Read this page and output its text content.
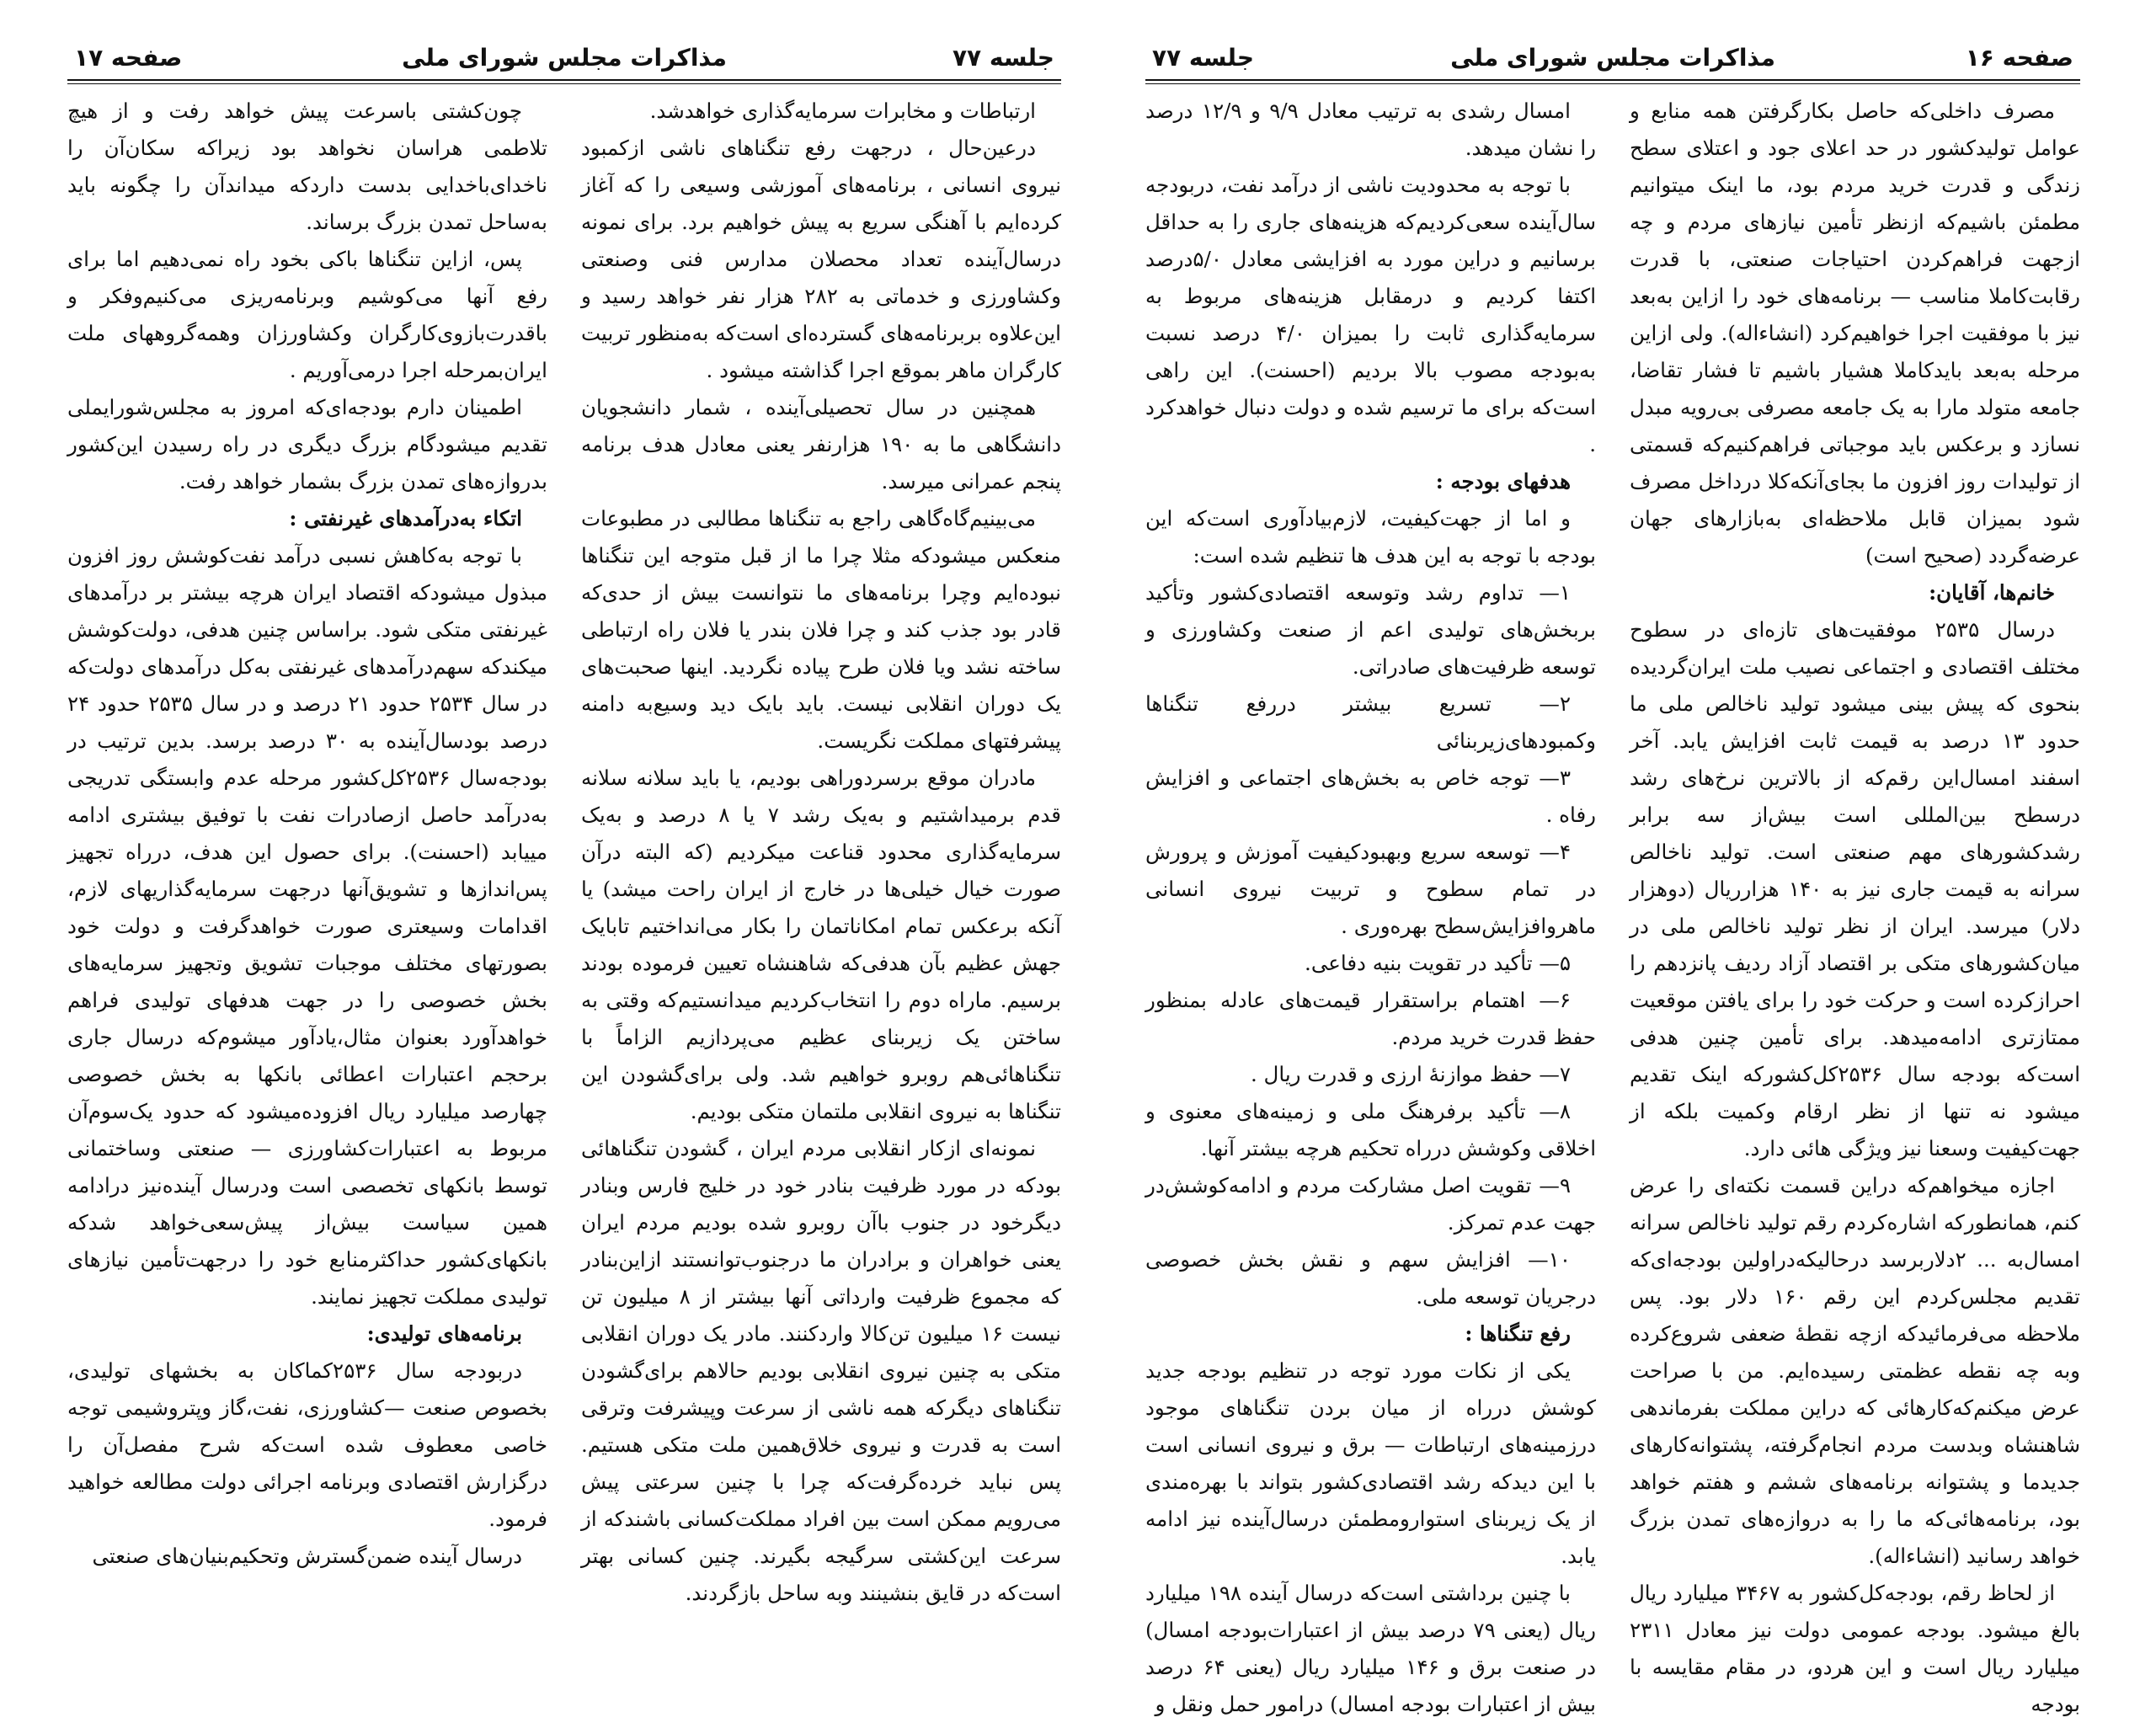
صفحه ۱۷	مذاکرات مجلس شورای ملی	جلسه ۷۷

ارتباطات و مخابرات سرمایه‌گذاری خواهدشد.

درعین‌حال ، درجهت رفع تنگناهای ناشی ازکمبود نیروی انسانی ، برنامه‌های آموزشی وسیعی را که آغاز کرده‌ایم با آهنگی سریع به پیش خواهیم برد. برای نمونه درسال‌آینده تعداد محصلان مدارس فنی وصنعتی وکشاورزی و خدماتی به ۲۸۲ هزار نفر خواهد رسید و این‌علاوه بربرنامه‌های گسترده‌ای است‌که به‌منظور تربیت کارگران ماهر بموقع اجرا گذاشته میشود .

همچنین در سال تحصیلی‌آینده ، شمار دانشجویان دانشگاهی ما به ۱۹۰ هزارنفر یعنی معادل هدف برنامه پنجم عمرانی میرسد.

می‌بینیم‌گاه‌گاهی راجع به تنگناها مطالبی در مطبوعات منعکس میشودکه مثلا چرا ما از قبل متوجه این تنگناها نبوده‌ایم وچرا برنامه‌های ما نتوانست بیش از حدی‌که قادر بود جذب کند و چرا فلان بندر یا فلان راه ارتباطی ساخته نشد ویا فلان طرح پیاده نگردید. اینها صحبت‌های یک دوران انقلابی نیست. باید بایک دید وسیع‌به دامنه پیشرفتهای مملکت نگریست.

ما‌دران موقع برسردوراهی بودیم، یا باید سلانه سلانه قدم برمیداشتیم و به‌یک رشد ۷ یا ۸ درصد و به‌یک سرمایه‌گذاری محدود قناعت میکردیم (که البته درآن صورت خیال خیلی‌ها در خارج از ایران راحت میشد) یا آنکه برعکس تمام امکاناتمان را بکار می‌انداختیم تابایک جهش عظیم بآن هدفی‌که شاهنشاه تعیین فرموده بودند برسیم. ماراه دوم را انتخاب‌کردیم میدانستیم‌که وقتی به ساختن یک زیربنای عظیم می‌پردازیم الزاماً با تنگناهائی‌هم روبرو خواهیم شد. ولی برای‌گشودن این تنگناها به نیروی انقلابی ملتمان متکی بودیم.

نمونه‌ای ازکار انقلابی مردم ایران ، گشودن تنگناهائی بودکه در مورد ظرفیت بنادر خود در خلیج فارس وبنادر دیگرخود در جنوب باآن روبرو شده بودیم مردم ایران یعنی خواهران و برادران ما درجنوب‌توانستند ازاین‌بنادر که مجموع ظرفیت وارداتی آنها بیشتر از ۸ میلیون تن نیست ۱۶ میلیون تن‌کالا واردکنند. مادر یک دوران انقلابی متکی به چنین نیروی انقلابی بودیم حالاهم برای‌گشودن تنگناهای دیگرکه همه ناشی از سرعت وپیشرفت وترقی است به قدرت و نیروی خلاق‌همین ملت متکی هستیم. پس نباید خرده‌گرفت‌که چرا با چنین سرعتی پیش می‌رویم ممکن است بین افراد مملکت‌کسانی باشندکه از سرعت این‌کشتی سرگیجه بگیرند. چنین کسانی بهتر است‌که در قایق بنشینند وبه ساحل بازگردند.

چون‌کشتی باسرعت پیش خواهد رفت و از هیچ تلاطمی هراسان نخواهد بود زیراکه سکان‌آن را ناخدای‌باخدایی بدست دارد‌که میداندآن را چگونه باید به‌ساحل تمدن بزرگ برساند.

پس، ازاین تنگناها باکی بخود راه نمی‌دهیم اما برای رفع آنها می‌کوشیم وبرنامه‌ریزی می‌کنیم‌وفکر و باقدرت‌بازوی‌کارگران وکشاورزان وهمه‌گروههای ملت ایران‌بمرحله اجرا درمی‌آوریم .

اطمینان دارم بودجه‌ای‌که امروز به مجلس‌شورایملی تقدیم میشودگام بزرگ دیگری در راه رسیدن این‌کشور بدروازه‌های تمدن بزرگ بشمار خواهد رفت.

اتکاء به‌درآمدهای غیرنفتی :

با توجه به‌کاهش نسبی درآمد نفت‌کوشش روز افزون مبذول میشودکه اقتصاد ایران هرچه بیشتر بر درآمدهای غیرنفتی متکی شود. براساس چنین هدفی، دولت‌کوشش میکندکه سهم‌درآمدهای غیرنفتی به‌کل درآمدهای دولت‌که در سال ۲۵۳۴ حدود ۲۱ درصد و در سال ۲۵۳۵ حدود ۲۴ درصد بودسال‌آینده به ۳۰ درصد برسد. بدین ترتیب در بودجه‌سال ۲۵۳۶کل‌کشور مرحله عدم وابستگی تدریجی به‌درآمد حاصل ازصادرات نفت با توفیق بیشتری ادامه مییابد (احسنت). برای حصول این هدف، درراه تجهیز پس‌اندازها و تشویق‌آنها درجهت سرمایه‌گذاریهای لازم، اقدامات وسیعتری صورت خواهدگرفت و دولت خود بصورتهای مختلف موجبات تشویق وتجهیز سرمایه‌های بخش خصوصی را در جهت هدفهای تولیدی فراهم خواهدآورد بعنوان مثال،یادآور میشوم‌که درسال جاری برحجم اعتبارات اعطائی بانکها به بخش خصوصی چهارصد میلیارد ریال افزوده‌میشود که حدود یک‌سوم‌آن مربوط به اعتبارات‌کشاورزی — صنعتی وساختمانی توسط بانکهای تخصصی است ودرسال آینده‌نیز درادامه همین سیاست بیش‌از پیش‌سعی‌خواهد شد‌که بانکهای‌کشور حدا‌کثرمنابع خود را درجهت‌تأمین نیازهای تولیدی مملکت تجهیز نمایند.

برنامه‌های تولیدی:

دربودجه سال ۲۵۳۶کما‌کان به بخشهای تولیدی، بخصوص صنعت —کشاورزی، نفت،گاز وپتروشیمی توجه خاصی معطوف شده است‌که شرح مفصل‌آن را درگزارش اقتصادی وبرنامه اجرائی دولت مطالعه خواهید فرمود.

درسال آینده ضمن‌گسترش وتحکیم‌بنیان‌های صنعتی

صفحه ۱۶
مذاکرات مجلس شورای ملی
جلسه ۷۷

مصرف داخلی‌که حاصل بکارگرفتن همه منابع و عوامل تولید‌کشور در حد اعلای جود و اعتلای سطح زندگی و قدرت خرید مردم بود، ما اینک میتوانیم مطمئن باشیم‌که ازنظر تأمین نیازهای مردم و چه ازجهت فراهم‌کردن احتیاجات صنعتی، با قدرت رقابت‌کاملا مناسب — برنامه‌های خود را ازاین به‌بعد نیز با موفقیت اجرا خواهیم‌کرد (انشاءاله). ولی ازاین مرحله به‌بعد باید‌کاملا هشیار باشیم تا فشار تقاضا، جامعه متولد مارا به یک جامعه مصرفی بی‌رویه مبدل نسازد و برعکس باید موجباتی فراهم‌کنیم‌که قسمتی از تولیدات روز افزون ما بجای‌آنکه‌کلا درداخل مصرف شود بمیزان قابل ملاحظه‌ای به‌بازارهای جهان عرضه‌گردد (صحیح است)

خانم‌ها، آقایان:

درسال ۲۵۳۵ موفقیت‌های تازه‌ای در سطوح مختلف اقتصادی و اجتماعی نصیب ملت ایران‌گردیده بنحوی که پیش بینی میشود تولید ناخالص ملی ما حدود ۱۳ درصد به قیمت ثابت افزایش یابد. آخر اسفند امسال‌این رقم‌که از بالاترین نرخ‌های رشد درسطح بین‌المللی است بیش‌از سه برابر رشدکشورهای مهم صنعتی است. تولید ناخالص سرانه به قیمت جاری نیز به ۱۴۰ هزارریال (دوهزار دلار) میرسد. ایران از نظر تولید ناخالص ملی در میان‌کشورهای متکی بر اقتصاد آزاد ردیف پانزدهم را احرازکرده است و حرکت خود را برای یافتن موقعیت ممتازتری ادامه‌میدهد. برای تأمین چنین هدفی است‌که بودجه سال ۲۵۳۶کل‌کشورکه اینک تقدیم میشود نه تنها از نظر ارقام وکمیت بلکه از جهت‌کیفیت وسعنا نیز ویژگی هائی دارد.

اجازه میخواهم‌که دراین قسمت نکته‌ای را عرض کنم، همانطورکه اشاره‌کردم رقم تولید ناخالص سرانه امسال‌به ... ۲دلاربرسد درحالیکه‌دراولین بودجه‌ای‌که تقدیم مجلس‌کردم این رقم ۱۶۰ دلار بود. پس ملاحظه می‌فرمائیدکه ازچه نقطهٔ ضعفی شروع‌کرده وبه چه نقطه عظمتی رسیده‌ایم. من با صراحت عرض میکنم‌که‌کارهائی که دراین مملکت بفرماندهی شاهنشاه وبدست مردم انجام‌گرفته، پشتوانه‌کارهای جدیدما و پشتوانه برنامه‌های ششم و هفتم خواهد بود، برنامه‌هائی‌که ما را به دروازه‌های تمدن بزرگ خواهد رسانید (انشاءاله).

از لحاظ رقم، بودجه‌کل‌کشور به ۳۴۶۷ میلیارد ریال بالغ میشود. بودجه عمومی دولت نیز معادل ۲۳۱۱ میلیارد ریال است و این هردو، در مقام مقایسه با بودجه

امسال رشدی به ترتیب معادل ۹/۹ و ۱۲/۹ درصد را نشان میدهد.

با توجه به محدودیت ناشی از درآمد نفت، دربودجه سال‌آینده سعی‌کردیم‌که هزینه‌های جاری را به حداقل برسانیم و دراین مورد به افزایشی معادل ۵/۰درصد اکتفا کردیم و درمقابل هزینه‌های مربوط به سرمایه‌گذاری ثابت را بمیزان ۴/۰ درصد نسبت به‌بودجه مصوب بالا بردیم (احسنت). این راهی است‌که برای ما ترسیم شده و دولت دنبال خواهدکرد .

هدفهای بودجه :

و اما از جهت‌کیفیت، لازم‌بیادآوری است‌که این بودجه با توجه به این هدف ها تنظیم شده است:

۱— تداوم رشد وتوسعه اقتصادی‌کشور وتأکید بربخش‌های تولیدی اعم از صنعت و‌کشاورزی و توسعه ظرفیت‌های صادراتی.

۲— تسریع بیشتر دررفع تنگناها وکمبودهای‌زیربنائی

۳— توجه خاص به بخش‌های اجتماعی و افزایش رفاه .

۴— توسعه سریع وبهبود‌کیفیت آموزش و پرورش در تمام سطوح و تربیت نیروی انسانی ماهرو‌افزایش‌سطح بهره‌وری .

۵— تأکید در تقویت بنیه دفاعی.

۶— اهتمام براستقرار قیمت‌های عادله بمنظور حفظ قدرت خرید مردم.

۷— حفظ موازنهٔ ارزی و قدرت ریال .

۸— تأکید برفرهنگ ملی و زمینه‌های معنوی و اخلاقی وکوشش درراه تحکیم هرچه بیشتر آنها.

۹— تقویت اصل مشارکت مردم و ادامه‌کوشش‌در جهت عدم تمرکز.

۱۰— افزایش سهم و نقش بخش خصوصی درجریان توسعه ملی.

رفع تنگناها :

یکی از نکات مورد توجه در تنظیم بودجه جدید کوشش درراه از میان بردن تنگناهای موجود درزمینه‌های ارتباطات — برق و نیروی انسانی است با این دیدکه رشد اقتصادی‌کشور بتواند با بهره‌مندی از یک زیربنای استوار‌ومطمئن درسال‌آینده نیز ادامه یابد.

با چنین برداشتی است‌که درسال آینده ۱۹۸ میلیارد ریال (یعنی ۷۹ درصد بیش از اعتبارات‌بودجه امسال) در صنعت برق و ۱۴۶ میلیارد ریال (یعنی ۶۴ درصد بیش از اعتبارات بودجه امسال) درامور حمل ونقل و
